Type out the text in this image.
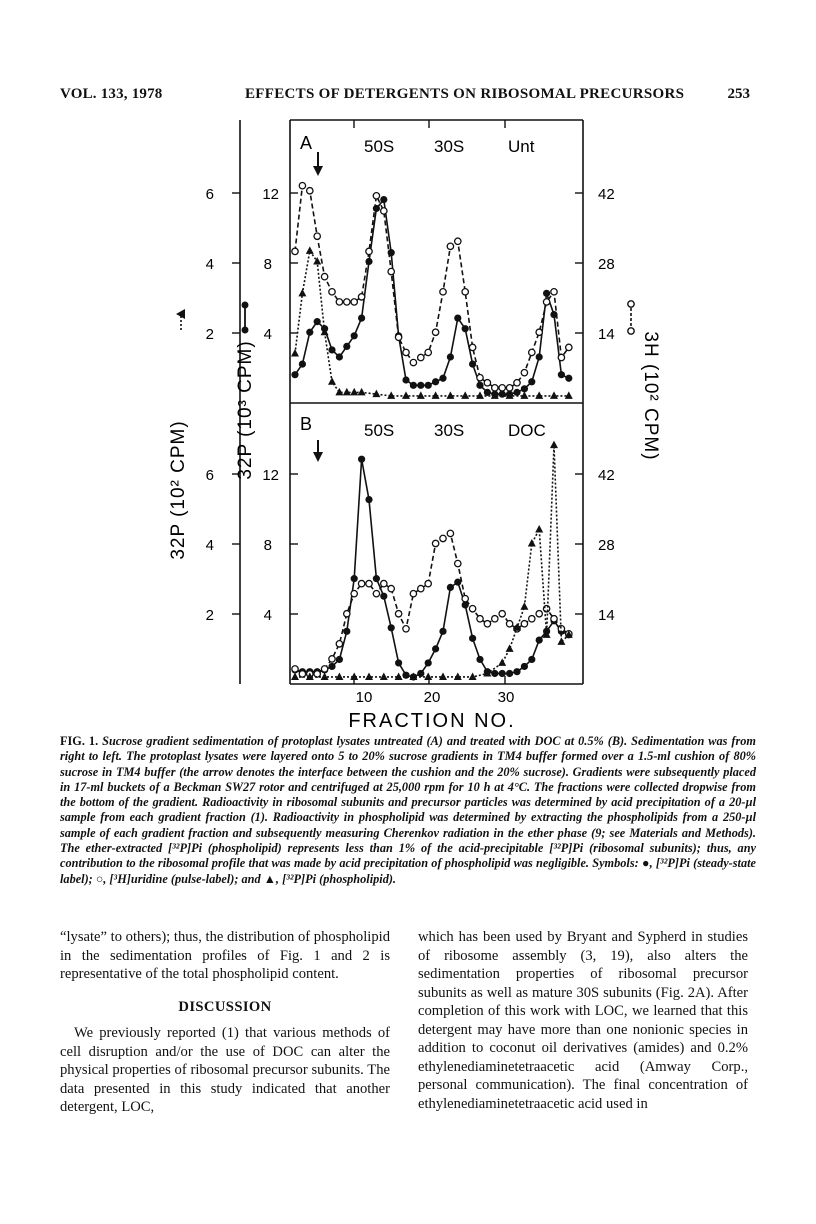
VOL. 133, 1978	EFFECTS OF DETERGENTS ON RIBOSOMAL PRECURSORS	253
6
4
2
6
4
2
12
8
4
12
8
4
42
28
14
42
28
14
32P (10² CPM)
32P (10³ CPM)	3H (10² CPM)
10	20	30
FRACTION NO.
A	50S 30S	Unt
B	50S 30S	DOC
FIG. 1. Sucrose gradient sedimentation of protoplast lysates untreated (A) and treated with DOC at 0.5% (B). Sedimentation was from right to left. The protoplast lysates were layered onto 5 to 20% sucrose gradients in TM4 buffer formed over a 1.5-ml cushion of 80% sucrose in TM4 buffer (the arrow denotes the interface between the cushion and the 20% sucrose). Gradients were subsequently placed in 17-ml buckets of a Beckman SW27 rotor and centrifuged at 25,000 rpm for 10 h at 4°C. The fractions were collected dropwise from the bottom of the gradient. Radioactivity in ribosomal subunits and precursor particles was determined by acid precipitation of a 20-µl sample from each gradient fraction (1). Radioactivity in phospholipid was determined by extracting the phospholipids from a 250-µl sample of each gradient fraction and subsequently measuring Cherenkov radiation in the ether phase (9; see Materials and Methods). The ether-extracted [³²P]Pi (phospholipid) represents less than 1% of the acid-precipitable [³²P]Pi (ribosomal subunits); thus, any contribution to the ribosomal profile that was made by acid precipitation of phospholipid was negligible. Symbols: ●, [³²P]Pi (steady-state label); ○, [³H]uridine (pulse-label); and ▲, [³²P]Pi (phospholipid).

“lysate” to others); thus, the distribution of phospholipid in the sedimentation profiles of Fig. 1 and 2 is representative of the total phospholipid content.

DISCUSSION

We previously reported (1) that various methods of cell disruption and/or the use of DOC can alter the physical properties of ribosomal precursor subunits. The data presented in this study indicated that another detergent, LOC,

which has been used by Bryant and Sypherd in studies of ribosome assembly (3, 19), also alters the sedimentation properties of ribosomal precursor subunits as well as mature 30S subunits (Fig. 2A). After completion of this work with LOC, we learned that this detergent may have more than one nonionic species in addition to coconut oil derivatives (amides) and 0.2% ethylenediaminetetraacetic acid (Amway Corp., personal communication). The final concentration of ethylenediaminetetraacetic acid used in
